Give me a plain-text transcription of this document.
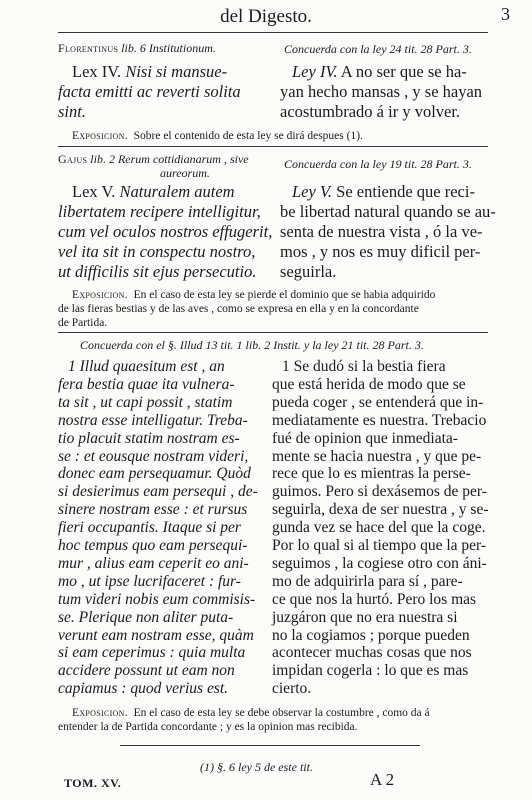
del Digesto.	3
Florentinus lib. 6 Institutionum.	Concuerda con la ley 24 tit. 28 Part. 3.
Lex IV. Nisi si mansue-
facta emitti ac reverti solita
sint.
Ley IV. A no ser que se ha-
yan hecho mansas , y se hayan
acostumbrado á ir y volver.
Exposicion. Sobre el contenido de esta ley se dirá despues (1).
Gajus lib. 2 Rerum cottidianarum , sive
aureorum.
Concuerda con la ley 19 tit. 28 Part. 3.
Lex V. Naturalem autem
libertatem recipere intelligitur,
cum vel oculos nostros effugerit,
vel ita sit in conspectu nostro,
ut difficilis sit ejus persecutio.
Ley V. Se entiende que reci-
be libertad natural quando se au-
senta de nuestra vista , ó la ve-
mos , y nos es muy dificil per-
seguirla.
Exposicion. En el caso de esta ley se pierde el dominio que se habia adquirido
de las fieras bestias y de las aves , como se expresa en ella y en la concordante
de Partida.
Concuerda con el §. Illud 13 tit. 1 lib. 2 Instit. y la ley 21 tit. 28 Part. 3.
1 Illud quaesitum est , an
fera bestia quae ita vulnera-
ta sit , ut capi possit , statim
nostra esse intelligatur. Treba-
tio placuit statim nostram es-
se : et eousque nostram videri,
donec eam persequamur. Quòd
si desierimus eam persequi , de-
sinere nostram esse : et rursus
fieri occupantis. Itaque si per
hoc tempus quo eam persequi-
mur , alius eam ceperit eo ani-
mo , ut ipse lucrifaceret : fur-
tum videri nobis eum commisis-
se. Plerique non aliter puta-
verunt eam nostram esse, quàm
si eam ceperimus : quia multa
accidere possunt ut eam non
capiamus : quod verius est.
1 Se dudó si la bestia fiera
que está herida de modo que se
pueda coger , se entenderá que in-
mediatamente es nuestra. Trebacio
fué de opinion que inmediata-
mente se hacia nuestra , y que pe-
rece que lo es mientras la perse-
guimos. Pero si dexásemos de per-
seguirla, dexa de ser nuestra , y se-
gunda vez se hace del que la coge.
Por lo qual si al tiempo que la per-
seguimos , la cogiese otro con áni-
mo de adquirirla para sí , pare-
ce que nos la hurtó. Pero los mas
juzgáron que no era nuestra si
no la cogiamos ; porque pueden
acontecer muchas cosas que nos
impidan cogerla : lo que es mas
cierto.
Exposicion. En el caso de esta ley se debe observar la costumbre , como da á
entender la de Partida concordante ; y es la opinion mas recibida.
(1) §. 6 ley 5 de este tit.
TOM. XV.	A 2
